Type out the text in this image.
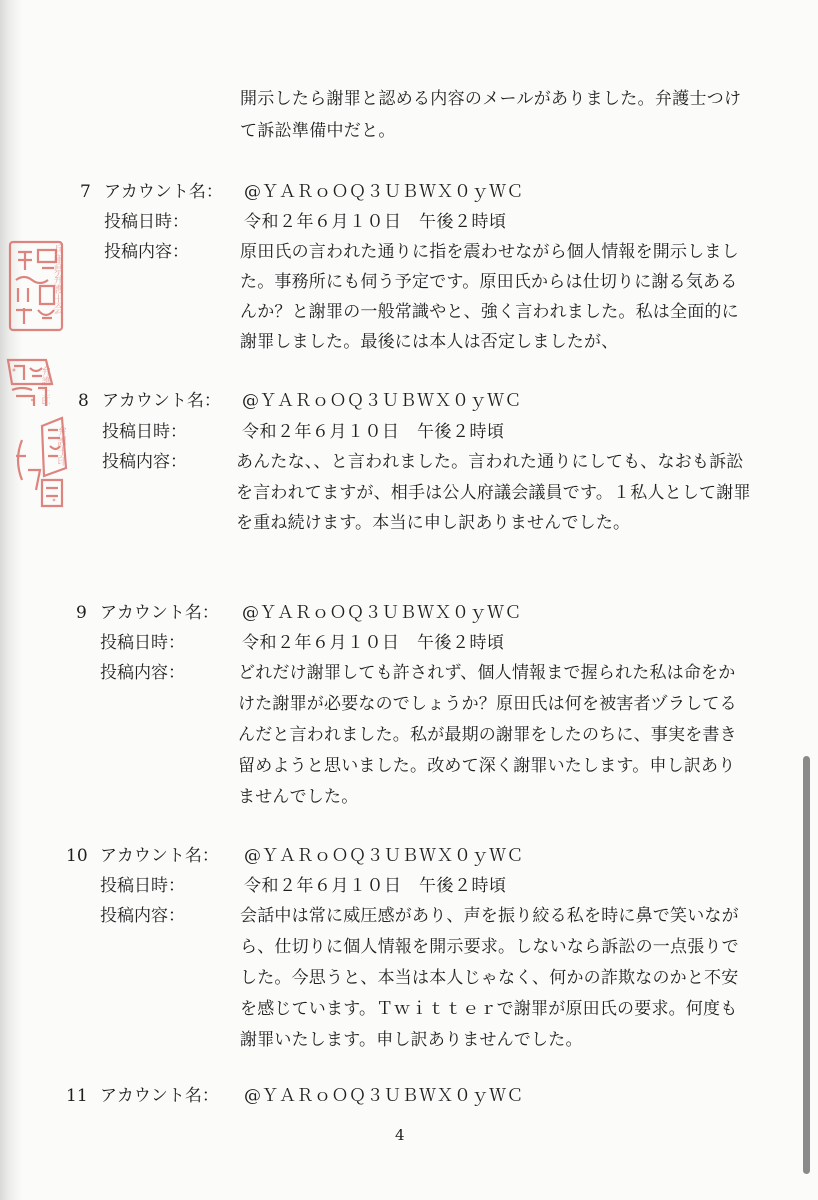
兵庫県弁護士会
弁護士印
弁護士印
開示したら謝罪と認める内容のメールがありました。弁護士つけ
て訴訟準備中だと。
7 アカウント名： @ＹＡＲｏＯＱ３ＵＢＷＸ０ｙＷＣ
投稿日時：	令和２年６月１０日　午後２時頃
投稿内容：	原田氏の言われた通りに指を震わせながら個人情報を開示しまし
た。事務所にも伺う予定です。原田氏からは仕切りに謝る気ある
んか？と謝罪の一般常識やと、強く言われました。私は全面的に
謝罪しました。最後には本人は否定しましたが、
8 アカウント名： @ＹＡＲｏＯＱ３ＵＢＷＸ０ｙＷＣ
投稿日時：	令和２年６月１０日　午後２時頃
投稿内容：	あんたな、、と言われました。言われた通りにしても、なおも訴訟
を言われてますが、相手は公人府議会議員です。１私人として謝罪
を重ね続けます。本当に申し訳ありませんでした。
9 アカウント名： @ＹＡＲｏＯＱ３ＵＢＷＸ０ｙＷＣ
投稿日時：	令和２年６月１０日　午後２時頃
投稿内容：	どれだけ謝罪しても許されず、個人情報まで握られた私は命をか
けた謝罪が必要なのでしょうか？原田氏は何を被害者ヅラしてる
んだと言われました。私が最期の謝罪をしたのちに、事実を書き
留めようと思いました。改めて深く謝罪いたします。申し訳あり
ませんでした。
10 アカウント名： @ＹＡＲｏＯＱ３ＵＢＷＸ０ｙＷＣ
投稿日時：	令和２年６月１０日　午後２時頃
投稿内容：	会話中は常に威圧感があり、声を振り絞る私を時に鼻で笑いなが
ら、仕切りに個人情報を開示要求。しないなら訴訟の一点張りで
した。今思うと、本当は本人じゃなく、何かの詐欺なのかと不安
を感じています。Ｔｗｉｔｔｅｒで謝罪が原田氏の要求。何度も
謝罪いたします。申し訳ありませんでした。
11 アカウント名： @ＹＡＲｏＯＱ３ＵＢＷＸ０ｙＷＣ
4
